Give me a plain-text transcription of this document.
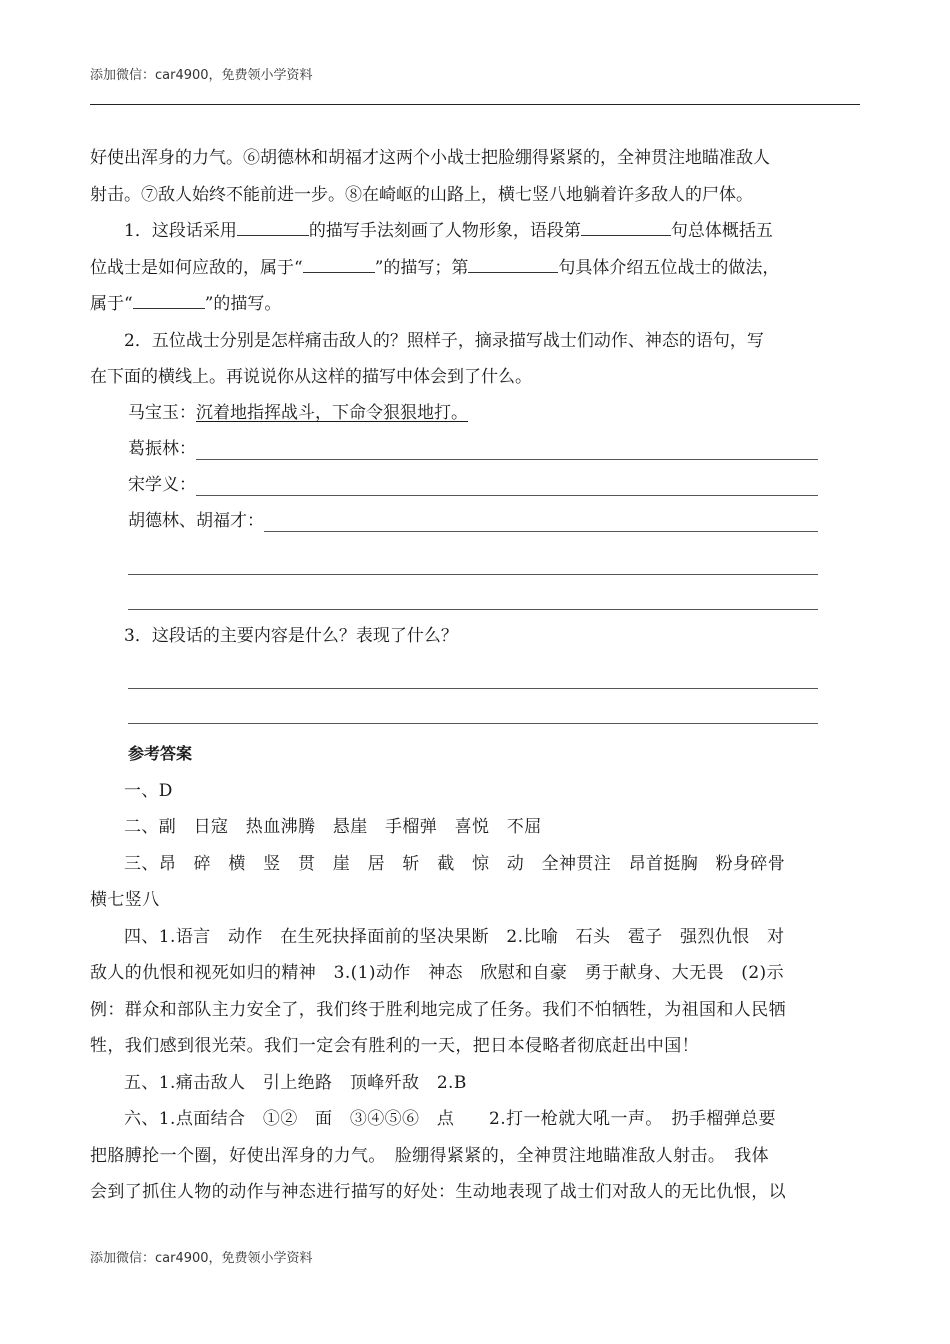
添加微信：car4900，免费领小学资料

好使出浑身的力气。⑥胡德林和胡福才这两个小战士把脸绷得紧紧的，全神贯注地瞄准敌人

射击。⑦敌人始终不能前进一步。⑧在崎岖的山路上，横七竖八地躺着许多敌人的尸体。

1．这段话采用	的描写手法刻画了人物形象，语段第	句总体概括五

位战士是如何应敌的，属于“	”的描写；第	句具体介绍五位战士的做法，

属于“	”的描写。

2．五位战士分别是怎样痛击敌人的？照样子，摘录描写战士们动作、神态的语句，写

在下面的横线上。再说说你从这样的描写中体会到了什么。

马宝玉： 沉着地指挥战斗，下命令狠狠地打。
葛振林：
宋学义：
胡德林、胡福才：

3．这段话的主要内容是什么？表现了什么？

参考答案

一、D

二、副　日寇　热血沸腾　悬崖　手榴弹　喜悦　不屈

三、昂　碎　横　竖　贯　崖　居　斩　截　惊　动　全神贯注　昂首挺胸　粉身碎骨

横七竖八

四、1.语言　动作　在生死抉择面前的坚决果断　2.比喻　石头　雹子　强烈仇恨　对

敌人的仇恨和视死如归的精神　3.(1)动作　神态　欣慰和自豪　勇于献身、大无畏　(2)示

例：群众和部队主力安全了，我们终于胜利地完成了任务。我们不怕牺牲，为祖国和人民牺

牲，我们感到很光荣。我们一定会有胜利的一天，把日本侵略者彻底赶出中国！

五、1.痛击敌人　引上绝路　顶峰歼敌　2.B

六、1.点面结合　①②　面　③④⑤⑥　点　　2.打一枪就大吼一声。　扔手榴弹总要

把胳膊抡一个圈，好使出浑身的力气。　脸绷得紧紧的，全神贯注地瞄准敌人射击。　我体

会到了抓住人物的动作与神态进行描写的好处：生动地表现了战士们对敌人的无比仇恨，以

添加微信：car4900，免费领小学资料
